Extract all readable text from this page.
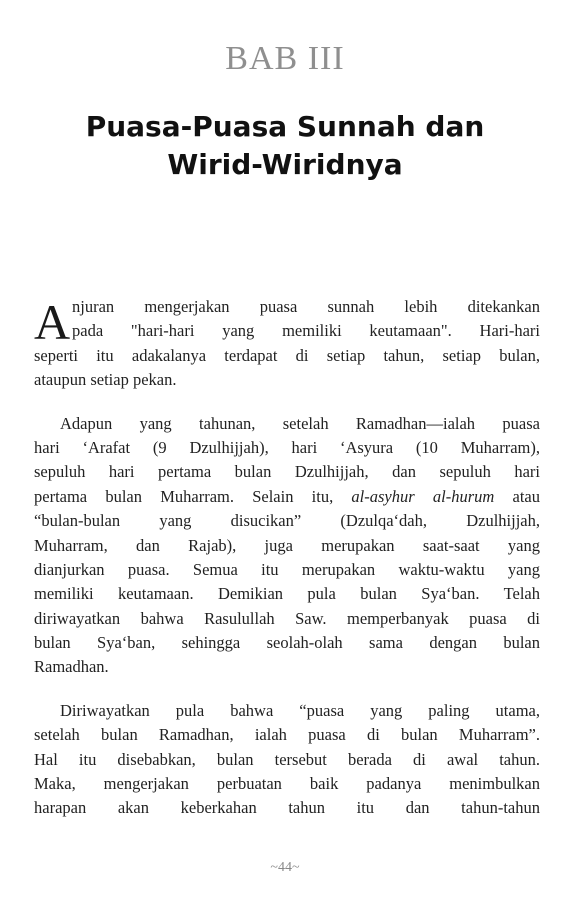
BAB III
Puasa-Puasa Sunnah dan
Wirid-Wiridnya
A njuran mengerjakan puasa sunnah lebih ditekankan
pada "hari-hari yang memiliki keutamaan". Hari-hari
seperti itu adakalanya terdapat di setiap tahun, setiap bulan,
ataupun setiap pekan.
Adapun yang tahunan, setelah Ramadhan—ialah puasa
hari ‘Arafat (9 Dzulhijjah), hari ‘Asyura (10 Muharram),
sepuluh hari pertama bulan Dzulhijjah, dan sepuluh hari
pertama bulan Muharram. Selain itu, al-asyhur al-hurum atau
“bulan-bulan yang disucikan” (Dzulqa‘dah, Dzulhijjah,
Muharram, dan Rajab), juga merupakan saat-saat yang
dianjurkan puasa. Semua itu merupakan waktu-waktu yang
memiliki keutamaan. Demikian pula bulan Sya‘ban. Telah
diriwayatkan bahwa Rasulullah Saw. memperbanyak puasa di
bulan Sya‘ban, sehingga seolah-olah sama dengan bulan
Ramadhan.
Diriwayatkan pula bahwa “puasa yang paling utama,
setelah bulan Ramadhan, ialah puasa di bulan Muharram”.
Hal itu disebabkan, bulan tersebut berada di awal tahun.
Maka, mengerjakan perbuatan baik padanya menimbulkan
harapan akan keberkahan tahun itu dan tahun-tahun
~44~
